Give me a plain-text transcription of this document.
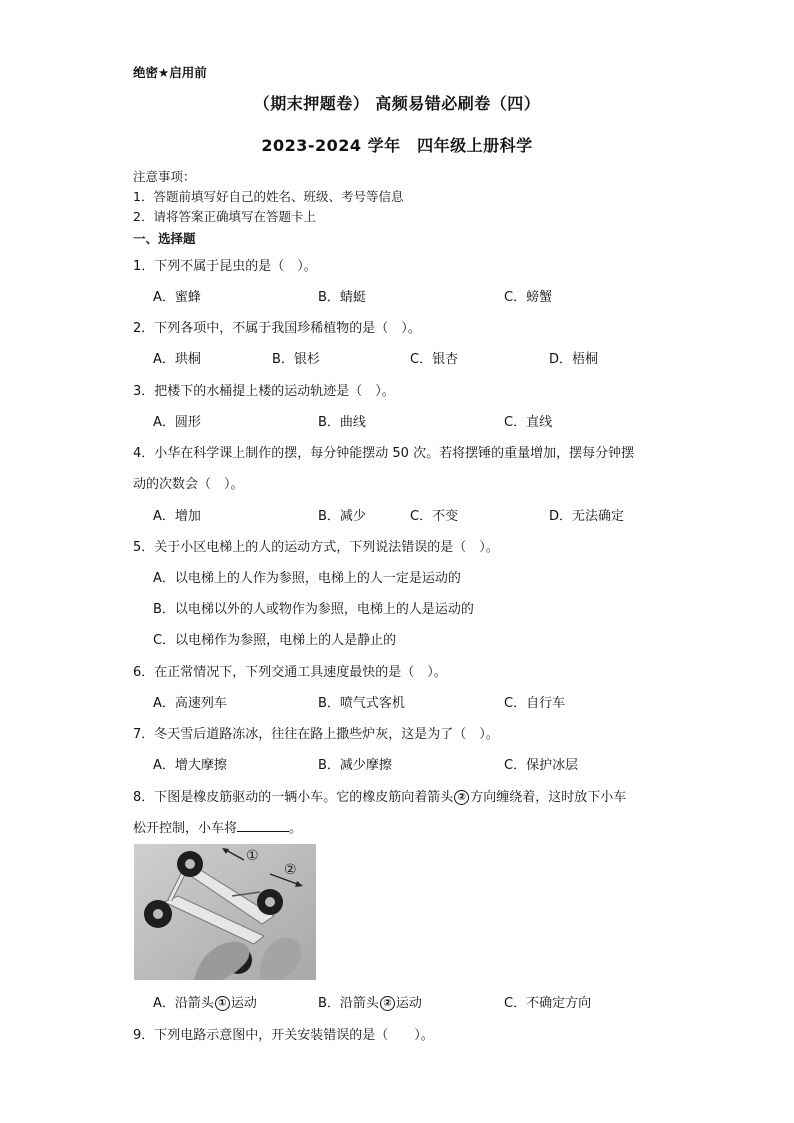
绝密★启用前
（期末押题卷） 高频易错必刷卷（四）
2023-2024 学年　四年级上册科学
注意事项：
1．答题前填写好自己的姓名、班级、考号等信息
2．请将答案正确填写在答题卡上
一、选择题
1．下列不属于昆虫的是（　）。
A．蜜蜂	B．蜻蜓	C．螃蟹
2．下列各项中，不属于我国珍稀植物的是（　）。
A．珙桐	B．银杉	C．银杏	D．梧桐
3．把楼下的水桶提上楼的运动轨迹是（　）。
A．圆形	B．曲线	C．直线
4．小华在科学课上制作的摆，每分钟能摆动 50 次。若将摆锤的重量增加，摆每分钟摆
动的次数会（　）。
A．增加	B．减少	C．不变	D．无法确定
5．关于小区电梯上的人的运动方式，下列说法错误的是（　）。
A．以电梯上的人作为参照，电梯上的人一定是运动的
B．以电梯以外的人或物作为参照，电梯上的人是运动的
C．以电梯作为参照，电梯上的人是静止的
6．在正常情况下，下列交通工具速度最快的是（　）。
A．高速列车	B．喷气式客机	C．自行车
7．冬天雪后道路冻冰，往往在路上撒些炉灰，这是为了（　）。
A．增大摩擦	B．减少摩擦	C．保护冰层
8．下图是橡皮筋驱动的一辆小车。它的橡皮筋向着箭头 ② 方向缠绕着，这时放下小车
松开控制，小车将	。
①
②
A．沿箭头 ① 运动	B．沿箭头 ② 运动	C．不确定方向
9．下列电路示意图中，开关安装错误的是（　　）。
